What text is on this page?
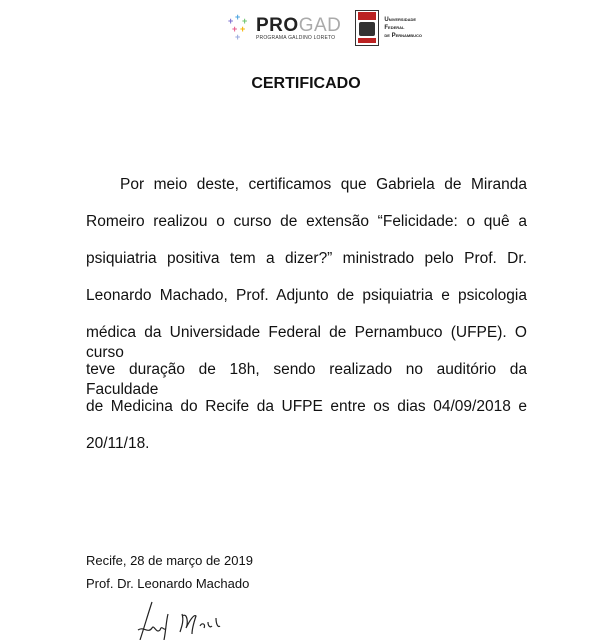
+ + +
+ +
+
PROGAD
PROGRAMA GALDINO LORETO
Universidade
Federal
de Pernambuco
CERTIFICADO
Por meio deste, certificamos que Gabriela de Miranda
Romeiro realizou o curso de extensão “Felicidade: o quê a
psiquiatria positiva tem a dizer?” ministrado pelo Prof. Dr.
Leonardo Machado, Prof. Adjunto de psiquiatria e psicologia
médica da Universidade Federal de Pernambuco (UFPE). O curso
teve duração de 18h, sendo realizado no auditório da Faculdade
de Medicina do Recife da UFPE entre os dias 04/09/2018 e
20/11/18.
Recife, 28 de março de 2019
Prof. Dr. Leonardo Machado
